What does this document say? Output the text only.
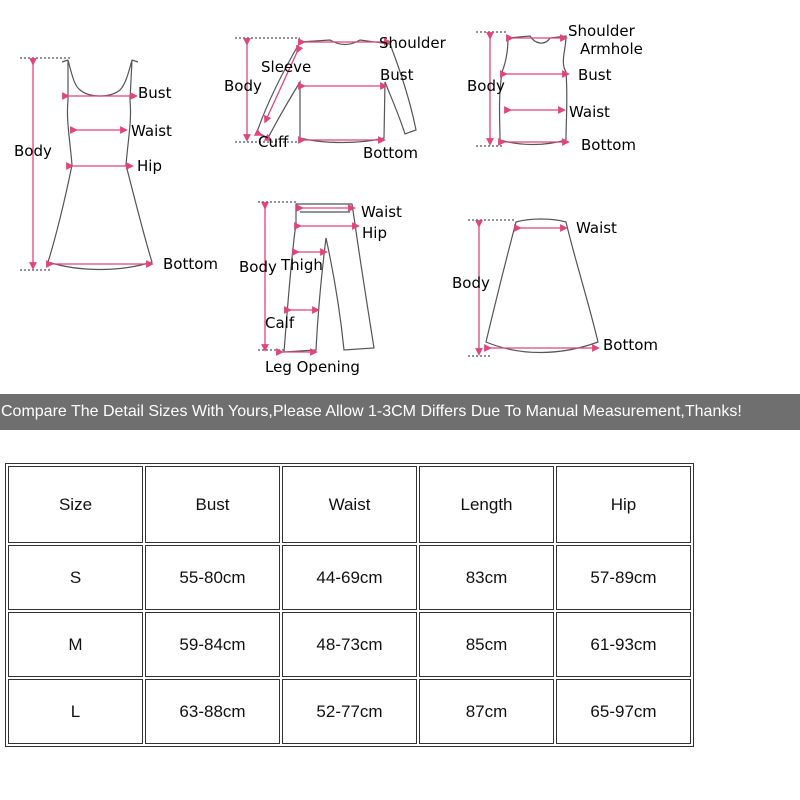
Body
Bust
Waist
Hip
Bottom
Body
Sleeve
Shoulder
Bust
Cuff
Bottom
Body
Shoulder
Armhole
Bust
Waist
Bottom
Body
Waist
Hip
Thigh
Calf
Leg Opening
Body
Waist
Bottom
Compare The Detail Sizes With Yours,Please Allow 1-3CM Differs Due To Manual Measurement,Thanks!
Size	Bust	Waist	Length	Hip
S	55-80cm	44-69cm	83cm	57-89cm
M	59-84cm	48-73cm	85cm	61-93cm
L	63-88cm	52-77cm	87cm	65-97cm
